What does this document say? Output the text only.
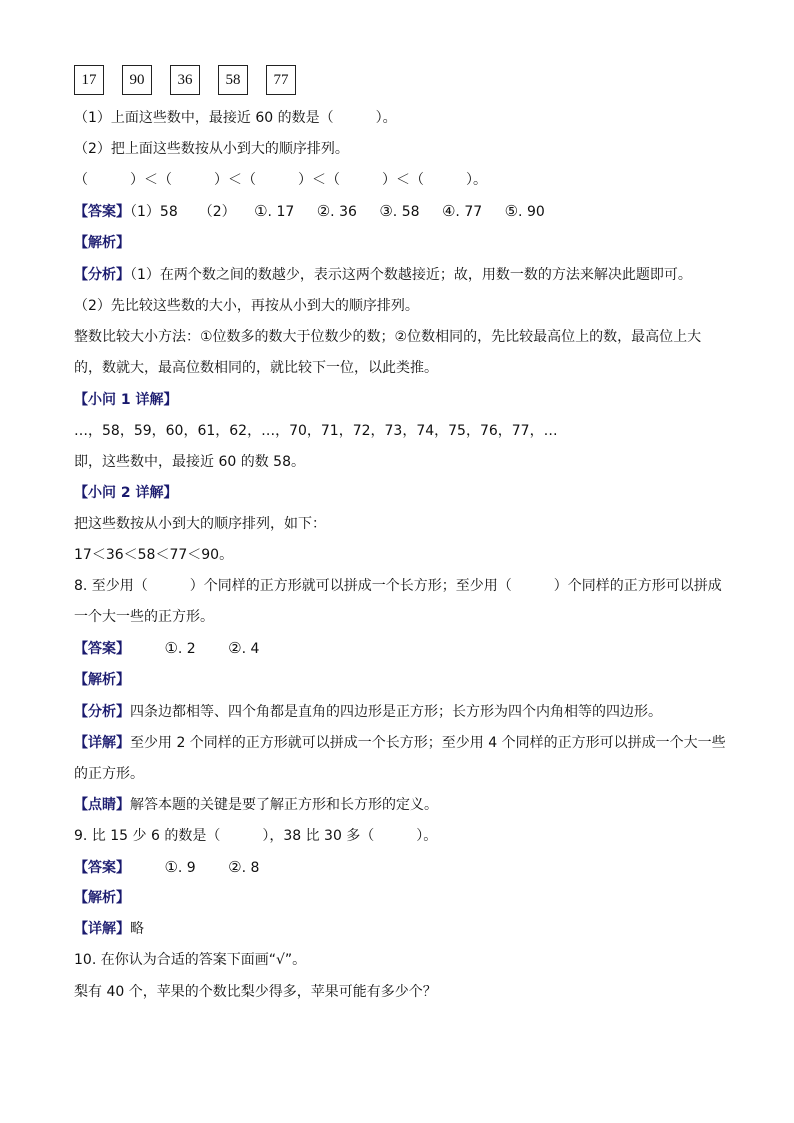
17	90	36	58	77
（1）上面这些数中，最接近 60 的数是（　　　）。
（2）把上面这些数按从小到大的顺序排列。
（　　　）＜（　　　）＜（　　　）＜（　　　）＜（　　　）。
【答案】（1）58　　（2） ①. 17 ②. 36 ③. 58 ④. 77 ⑤. 90
【解析】
【分析】（1）在两个数之间的数越少，表示这两个数越接近；故，用数一数的方法来解决此题即可。
（2）先比较这些数的大小，再按从小到大的顺序排列。
整数比较大小方法：①位数多的数大于位数少的数；②位数相同的，先比较最高位上的数，最高位上大
的，数就大，最高位数相同的，就比较下一位，以此类推。
【小问 1 详解】
…，58，59，60，61，62，…，70，71，72，73，74，75，76，77，…
即，这些数中，最接近 60 的数 58。
【小问 2 详解】
把这些数按从小到大的顺序排列，如下：
17＜36＜58＜77＜90。
8. 至少用（　　　）个同样的正方形就可以拼成一个长方形；至少用（　　　）个同样的正方形可以拼成
一个大一些的正方形。
【答案】 ①. 2 ②. 4
【解析】
【分析】四条边都相等、四个角都是直角的四边形是正方形；长方形为四个内角相等的四边形。
【详解】至少用 2 个同样的正方形就可以拼成一个长方形；至少用 4 个同样的正方形可以拼成一个大一些
的正方形。
【点睛】解答本题的关键是要了解正方形和长方形的定义。
9. 比 15 少 6 的数是（　　　），38 比 30 多（　　　）。
【答案】 ①. 9 ②. 8
【解析】
【详解】略
10. 在你认为合适的答案下面画“√”。
梨有 40 个，苹果的个数比梨少得多，苹果可能有多少个？
